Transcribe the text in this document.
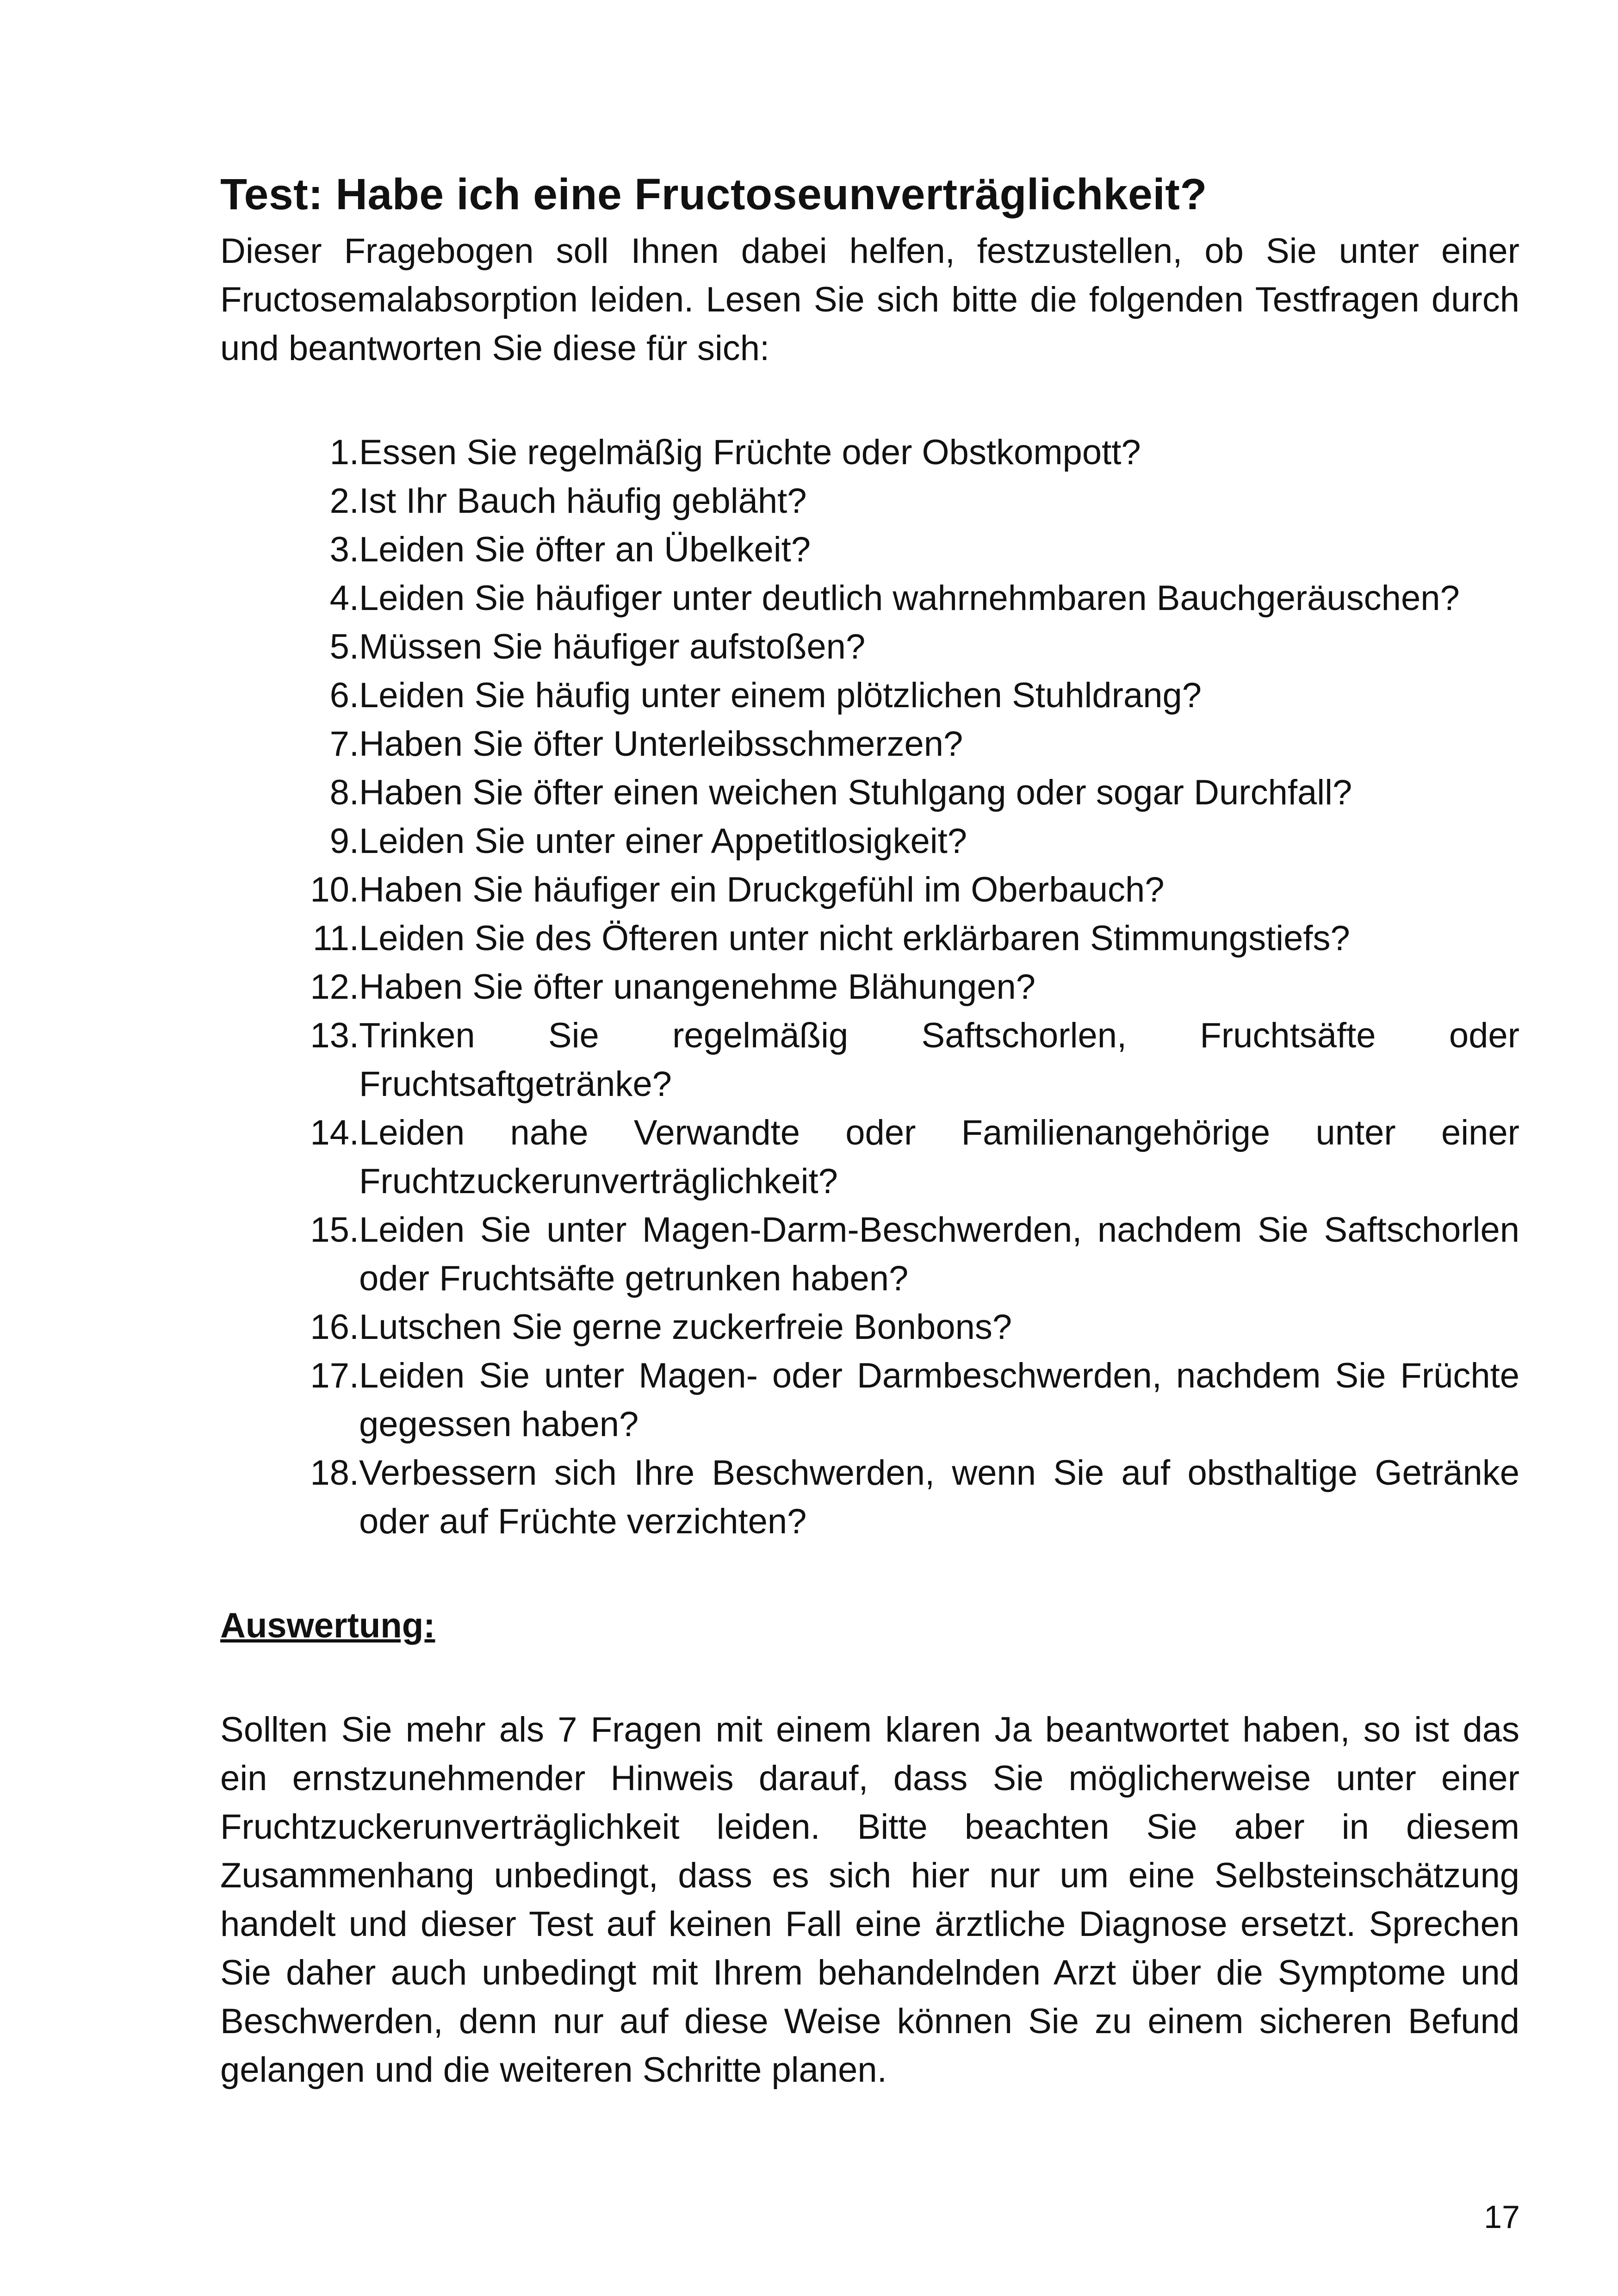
Test: Habe ich eine Fructoseunverträglichkeit?

Dieser Fragebogen soll Ihnen dabei helfen, festzustellen, ob Sie unter einer Fructosemalabsorption leiden. Lesen Sie sich bitte die folgenden Testfragen durch und beantworten Sie diese für sich:

1. Essen Sie regelmäßig Früchte oder Obstkompott?
2. Ist Ihr Bauch häufig gebläht?
3. Leiden Sie öfter an Übelkeit?
4. Leiden Sie häufiger unter deutlich wahrnehmbaren Bauchgeräuschen?
5. Müssen Sie häufiger aufstoßen?
6. Leiden Sie häufig unter einem plötzlichen Stuhldrang?
7. Haben Sie öfter Unterleibsschmerzen?
8. Haben Sie öfter einen weichen Stuhlgang oder sogar Durchfall?
9. Leiden Sie unter einer Appetitlosigkeit?
10. Haben Sie häufiger ein Druckgefühl im Oberbauch?
11. Leiden Sie des Öfteren unter nicht erklärbaren Stimmungstiefs?
12. Haben Sie öfter unangenehme Blähungen?
13. Trinken Sie regelmäßig Saftschorlen, Fruchtsäfte oder Fruchtsaftgetränke?
14. Leiden nahe Verwandte oder Familienangehörige unter einer Fruchtzuckerunverträglichkeit?
15. Leiden Sie unter Magen-Darm-Beschwerden, nachdem Sie Saftschorlen oder Fruchtsäfte getrunken haben?
16. Lutschen Sie gerne zuckerfreie Bonbons?
17. Leiden Sie unter Magen- oder Darmbeschwerden, nachdem Sie Früchte gegessen haben?
18. Verbessern sich Ihre Beschwerden, wenn Sie auf obsthaltige Getränke oder auf Früchte verzichten?
Auswertung:

Sollten Sie mehr als 7 Fragen mit einem klaren Ja beantwortet haben, so ist das ein ernstzunehmender Hinweis darauf, dass Sie möglicherweise unter einer Fruchtzuckerunverträglichkeit leiden. Bitte beachten Sie aber in diesem Zusammenhang unbedingt, dass es sich hier nur um eine Selbsteinschätzung handelt und dieser Test auf keinen Fall eine ärztliche Diagnose ersetzt. Sprechen Sie daher auch unbedingt mit Ihrem behandelnden Arzt über die Symptome und Beschwerden, denn nur auf diese Weise können Sie zu einem sicheren Befund gelangen und die weiteren Schritte planen.

17
